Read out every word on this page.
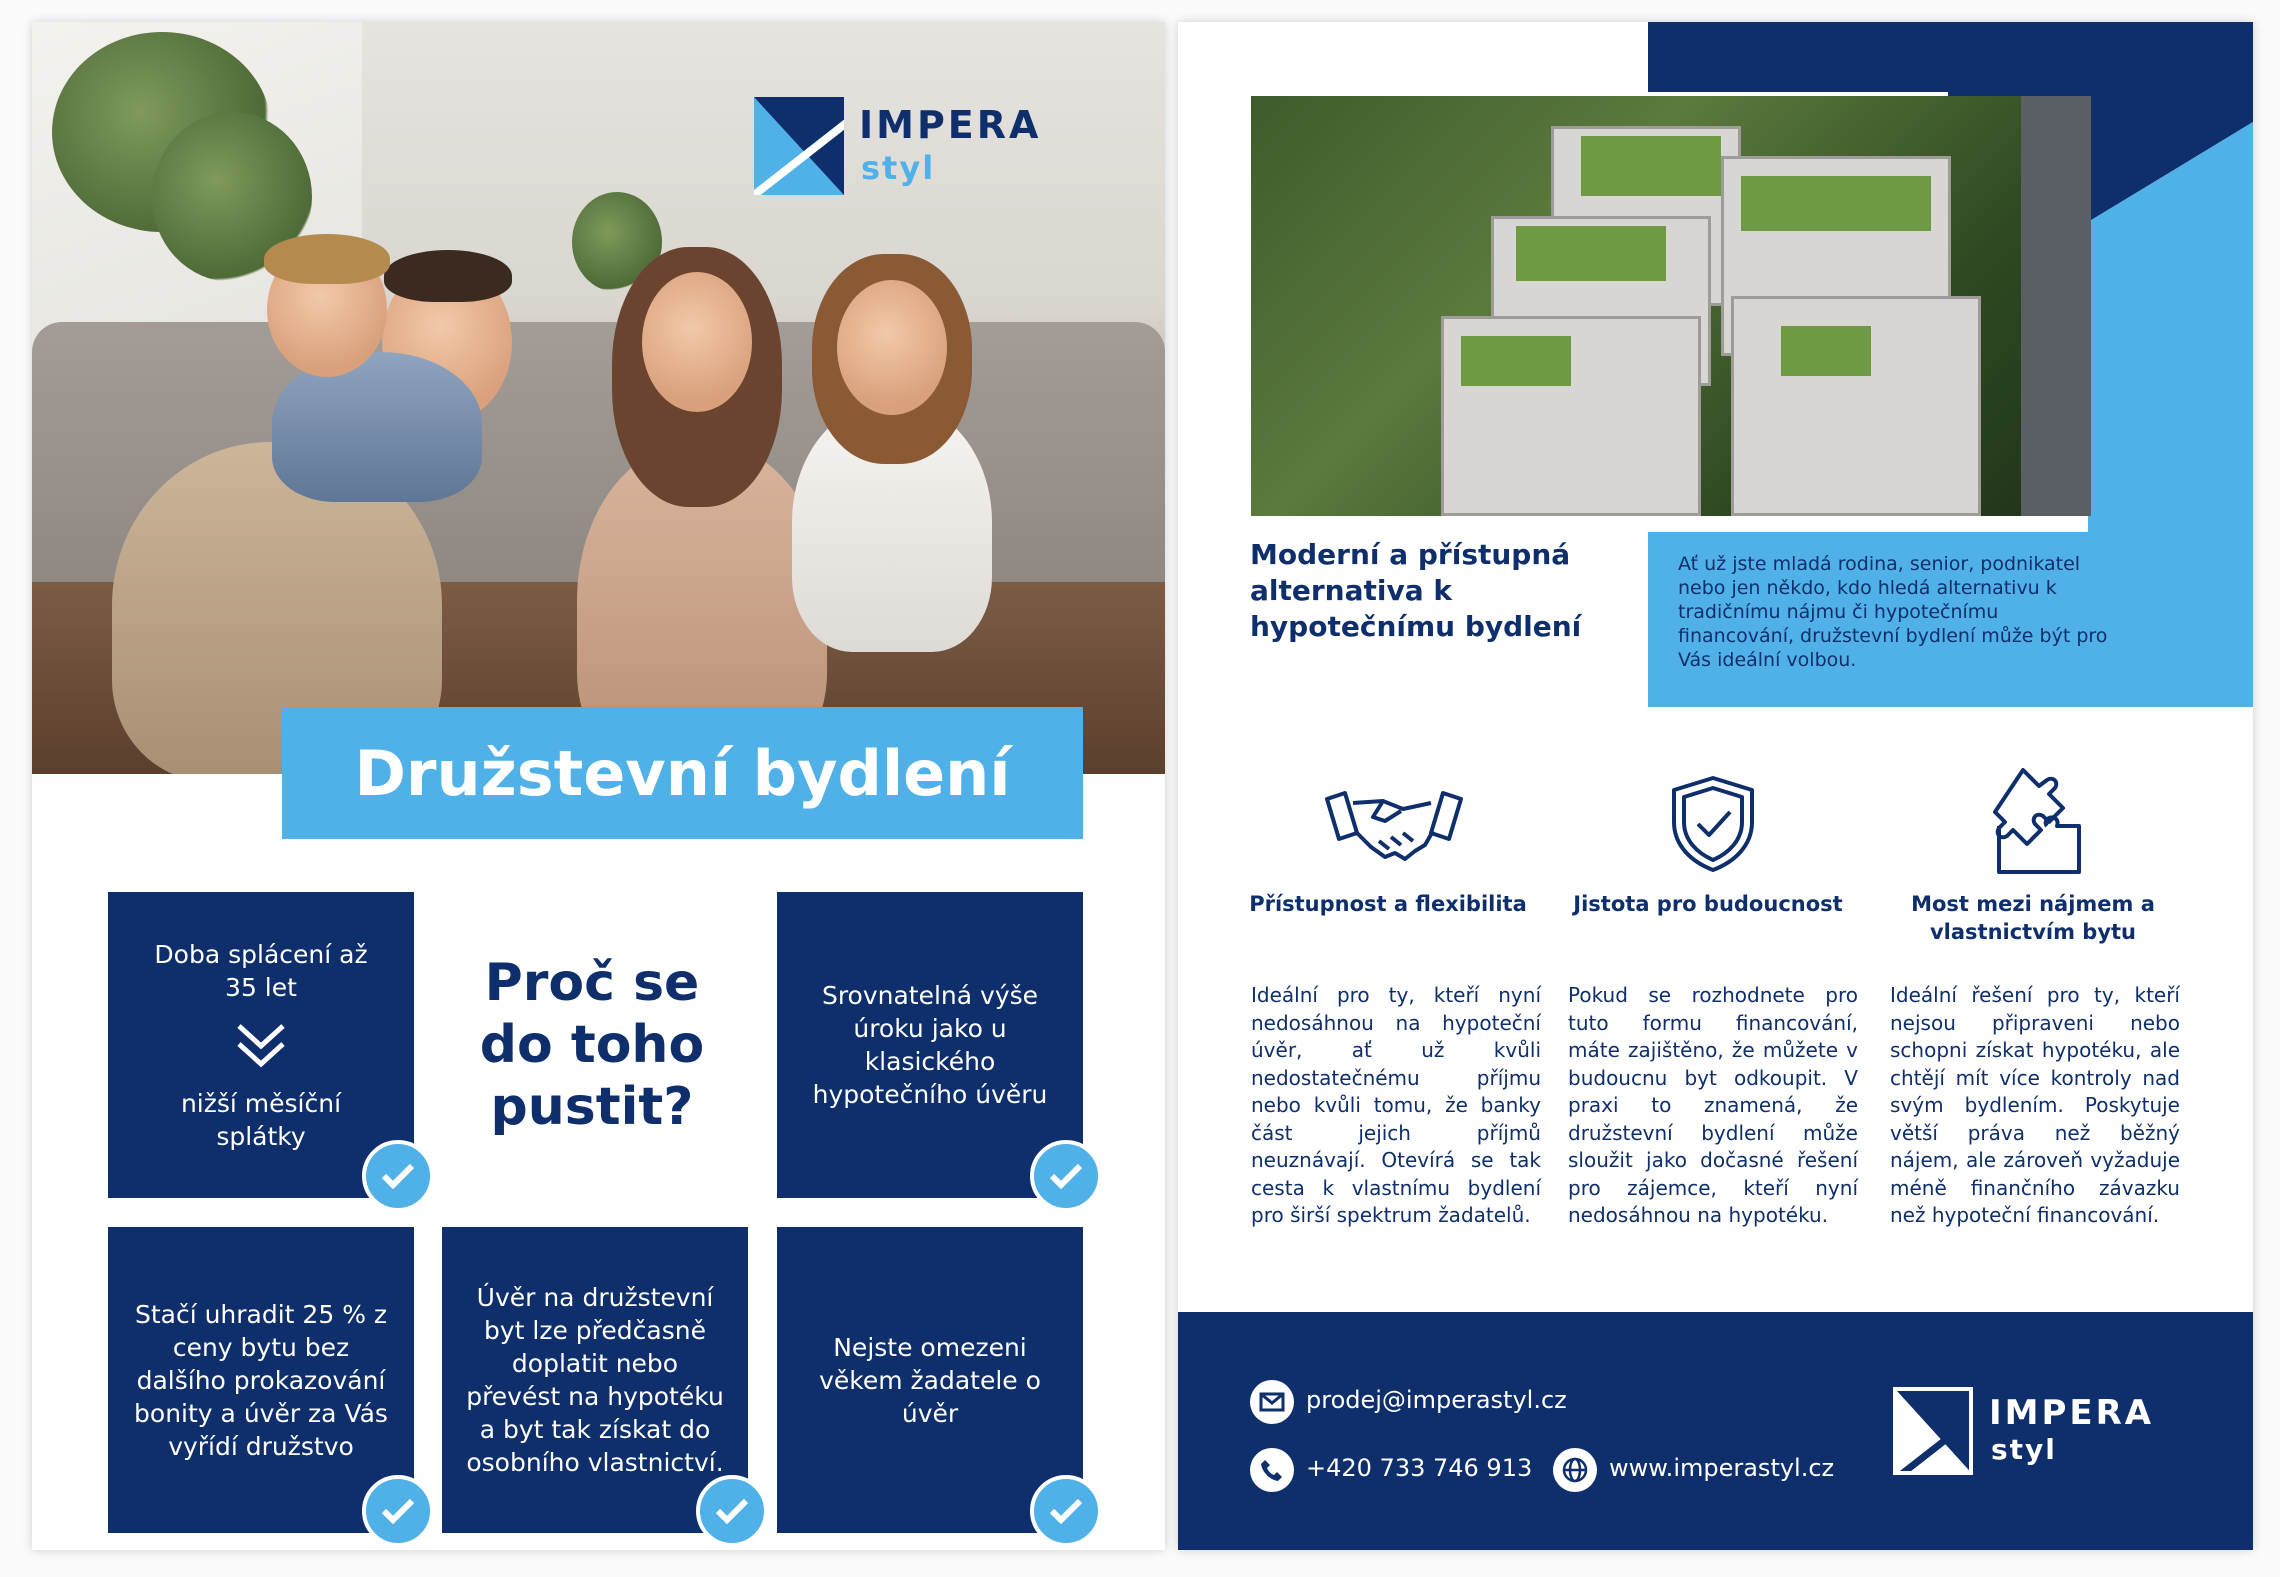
IMPERA
styl
Družstevní bydlení
Doba splácení až 35 let
nižší měsíční splátky
Proč se do toho pustit?
Srovnatelná výše úroku jako u klasického hypotečního úvěru
Stačí uhradit 25 % z ceny bytu bez dalšího prokazování bonity a úvěr za Vás vyřídí družstvo
Úvěr na družstevní byt lze předčasně doplatit nebo převést na hypotéku a byt tak získat do osobního vlastnictví.
Nejste omezeni věkem žadatele o úvěr
Moderní a přístupná alternativa k hypotečnímu bydlení

Ať už jste mladá rodina, senior, podnikatel nebo jen někdo, kdo hledá alternativu k tradičnímu nájmu či hypotečnímu financování, družstevní bydlení může být pro Vás ideální volbou.

Přístupnost a flexibilita
Ideální pro ty, kteří nyní nedosáhnou na hypoteční úvěr, ať už kvůli nedostatečnému příjmu nebo kvůli tomu, že banky část jejich příjmů neuznávají. Otevírá se tak cesta k vlastnímu bydlení pro širší spektrum žadatelů.
Jistota pro budoucnost
Pokud se rozhodnete pro tuto formu financování, máte zajištěno, že můžete v budoucnu byt odkoupit. V praxi to znamená, že družstevní bydlení může sloužit jako dočasné řešení pro zájemce, kteří nyní nedosáhnou na hypotéku.
Most mezi nájmem a vlastnictvím bytu
Ideální řešení pro ty, kteří nejsou připraveni nebo schopni získat hypotéku, ale chtějí mít více kontroly nad svým bydlením. Poskytuje větší práva než běžný nájem, ale zároveň vyžaduje méně finančního závazku než hypoteční financování.
prodej@imperastyl.cz
+420 733 746 913	www.imperastyl.cz
IMPERA
styl
